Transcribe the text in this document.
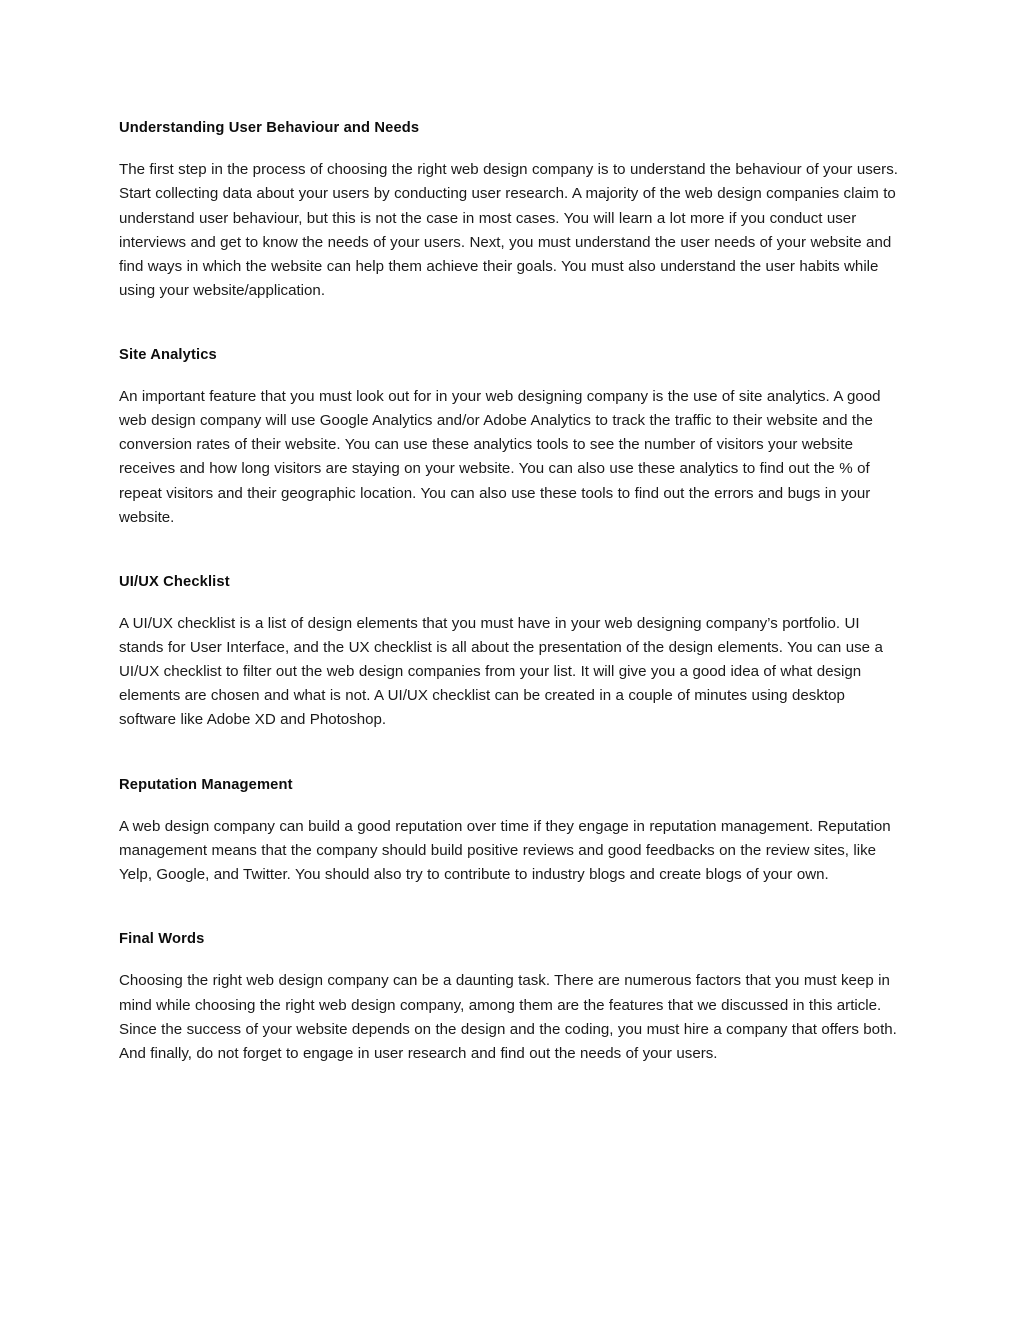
Understanding User Behaviour and Needs

The first step in the process of choosing the right web design company is to understand the behaviour of your users. Start collecting data about your users by conducting user research. A majority of the web design companies claim to understand user behaviour, but this is not the case in most cases. You will learn a lot more if you conduct user interviews and get to know the needs of your users. Next, you must understand the user needs of your website and find ways in which the website can help them achieve their goals. You must also understand the user habits while using your website/application.

Site Analytics

An important feature that you must look out for in your web designing company is the use of site analytics. A good web design company will use Google Analytics and/or Adobe Analytics to track the traffic to their website and the conversion rates of their website. You can use these analytics tools to see the number of visitors your website receives and how long visitors are staying on your website. You can also use these analytics to find out the % of repeat visitors and their geographic location. You can also use these tools to find out the errors and bugs in your website.

UI/UX Checklist

A UI/UX checklist is a list of design elements that you must have in your web designing company’s portfolio. UI stands for User Interface, and the UX checklist is all about the presentation of the design elements. You can use a UI/UX checklist to filter out the web design companies from your list. It will give you a good idea of what design elements are chosen and what is not. A UI/UX checklist can be created in a couple of minutes using desktop software like Adobe XD and Photoshop.

Reputation Management

A web design company can build a good reputation over time if they engage in reputation management. Reputation management means that the company should build positive reviews and good feedbacks on the review sites, like Yelp, Google, and Twitter. You should also try to contribute to industry blogs and create blogs of your own.

Final Words

Choosing the right web design company can be a daunting task. There are numerous factors that you must keep in mind while choosing the right web design company, among them are the features that we discussed in this article. Since the success of your website depends on the design and the coding, you must hire a company that offers both. And finally, do not forget to engage in user research and find out the needs of your users.
